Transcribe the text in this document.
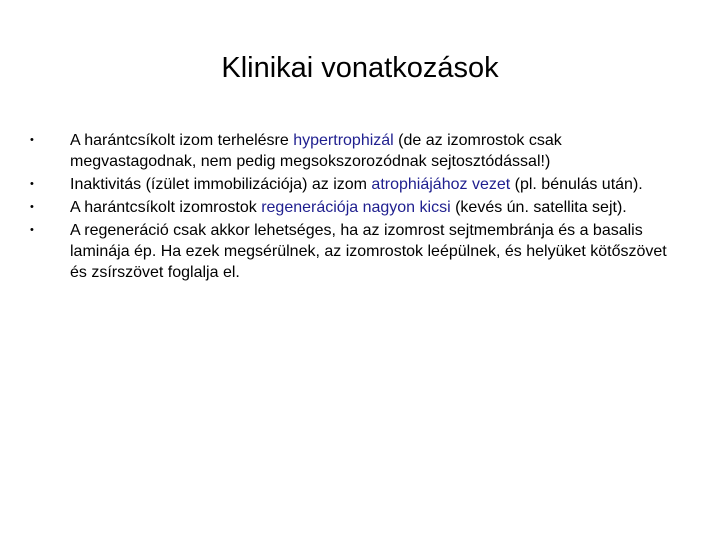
Klinikai vonatkozások
• A harántcsíkolt izom terhelésre hypertrophizál (de az izomrostok csak megvastagodnak, nem pedig megsokszorozódnak sejtosztódással!)
• Inaktivitás (ízület immobilizációja) az izom atrophiájához vezet (pl. bénulás után).
• A harántcsíkolt izomrostok regenerációja nagyon kicsi (kevés ún. satellita sejt).
• A regeneráció csak akkor lehetséges, ha az izomrost sejtmembránja és a basalis laminája ép. Ha ezek megsérülnek, az izomrostok leépülnek, és helyüket kötőszövet és zsírszövet foglalja el.
